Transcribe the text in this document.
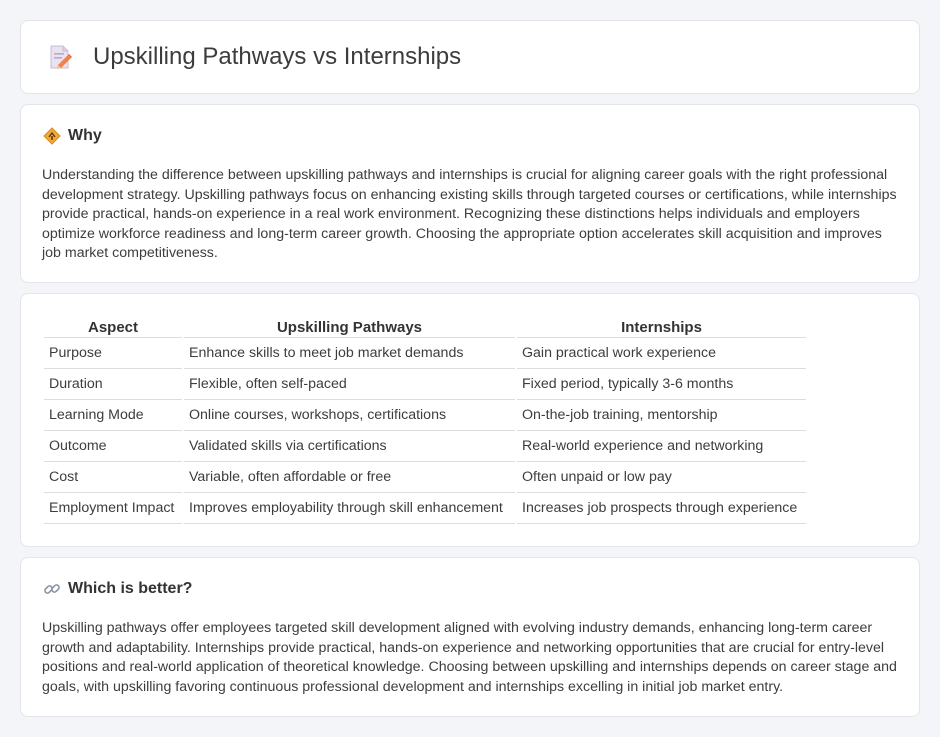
Upskilling Pathways vs Internships
Why

Understanding the difference between upskilling pathways and internships is crucial for aligning career goals with the right professional development strategy. Upskilling pathways focus on enhancing existing skills through targeted courses or certifications, while internships provide practical, hands-on experience in a real work environment. Recognizing these distinctions helps individuals and employers optimize workforce readiness and long-term career growth. Choosing the appropriate option accelerates skill acquisition and improves job market competitiveness.

Aspect	Upskilling Pathways	Internships
Purpose	Enhance skills to meet job market demands	Gain practical work experience
Duration	Flexible, often self-paced	Fixed period, typically 3-6 months
Learning Mode	Online courses, workshops, certifications	On-the-job training, mentorship
Outcome	Validated skills via certifications	Real-world experience and networking
Cost	Variable, often affordable or free	Often unpaid or low pay
Employment Impact	Improves employability through skill enhancement	Increases job prospects through experience
Which is better?

Upskilling pathways offer employees targeted skill development aligned with evolving industry demands, enhancing long-term career growth and adaptability. Internships provide practical, hands-on experience and networking opportunities that are crucial for entry-level positions and real-world application of theoretical knowledge. Choosing between upskilling and internships depends on career stage and goals, with upskilling favoring continuous professional development and internships excelling in initial job market entry.
